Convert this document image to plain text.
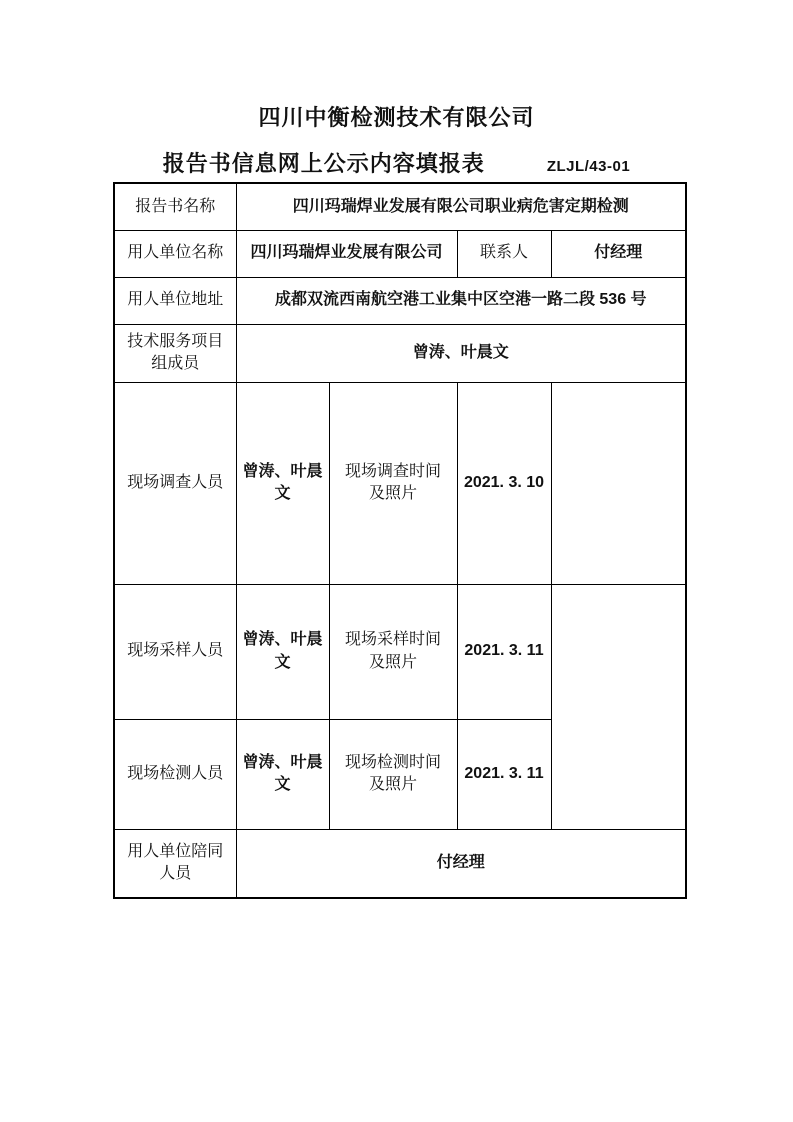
四川中衡检测技术有限公司
报告书信息网上公示内容填报表	ZLJL/43-01
报告书名称	四川玛瑞焊业发展有限公司职业病危害定期检测			
用人单位名称	四川玛瑞焊业发展有限公司		联系人	付经理
用人单位地址	成都双流西南航空港工业集中区空港一路二段 536 号			
技术服务项目组成员	曾涛、叶晨文			
现场调查人员	曾涛、叶晨文	现场调查时间及照片	2021. 3. 10	
现场采样人员	曾涛、叶晨文	现场采样时间及照片	2021. 3. 11	
现场检测人员	曾涛、叶晨文	现场检测时间及照片	2021. 3. 11	
用人单位陪同人员	付经理			
